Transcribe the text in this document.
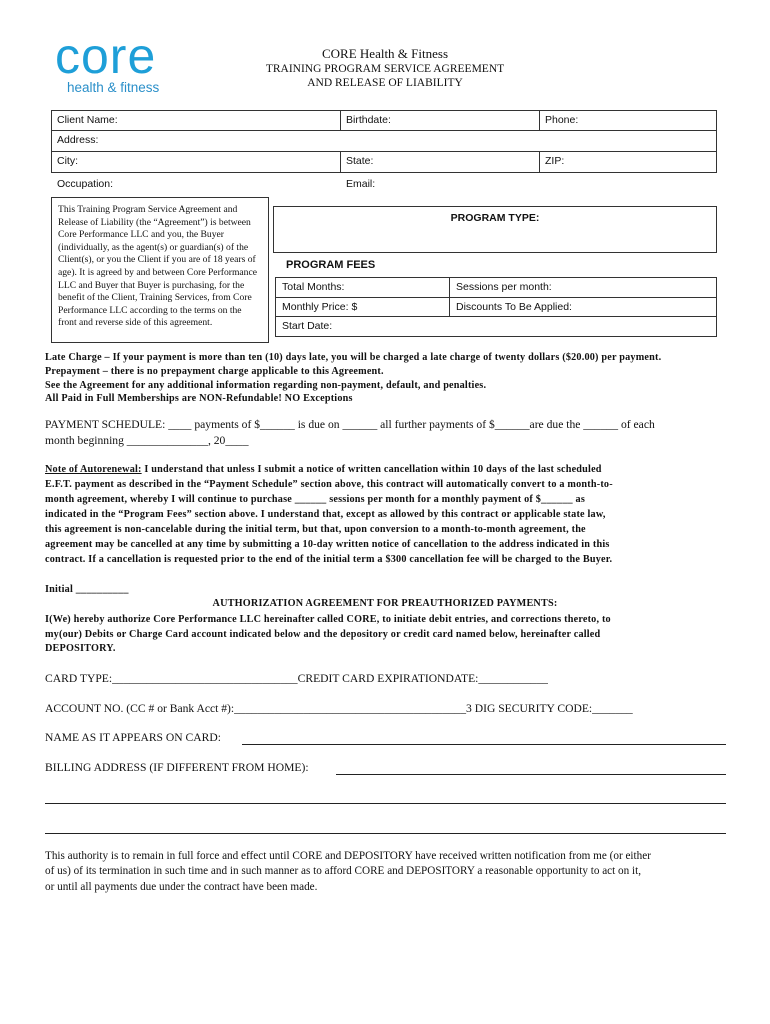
core
health & fitness
CORE Health & Fitness
TRAINING PROGRAM SERVICE AGREEMENT
AND RELEASE OF LIABILITY
Client Name:	Birthdate:	Phone:
Address:
City:	State:	ZIP:
Occupation:	Email:
This Training Program Service Agreement and Release of Liability (the “Agreement”) is between Core Performance LLC and you, the Buyer (individually, as the agent(s) or guardian(s) of the Client(s), or you the Client if you are of 18 years of age). It is agreed by and between Core Performance LLC and Buyer that Buyer is purchasing, for the benefit of the Client, Training Services, from Core Performance LLC according to the terms on the front and reverse side of this agreement.
PROGRAM TYPE:
PROGRAM FEES
Total Months:	Sessions per month:
Monthly Price: $	Discounts To Be Applied:
Start Date:
Late Charge – If your payment is more than ten (10) days late, you will be charged a late charge of twenty dollars ($20.00) per payment.
Prepayment – there is no prepayment charge applicable to this Agreement.
See the Agreement for any additional information regarding non-payment, default, and penalties.
All Paid in Full Memberships are NON-Refundable! NO Exceptions
PAYMENT SCHEDULE: ____ payments of $______ is due on ______ all further payments of $______are due the ______ of each
month beginning ______________, 20____
Note of Autorenewal: I understand that unless I submit a notice of written cancellation within 10 days of the last scheduled
E.F.T. payment as described in the “Payment Schedule” section above, this contract will automatically convert to a month-to-
month agreement, whereby I will continue to purchase ______ sessions per month for a monthly payment of $______ as
indicated in the “Program Fees” section above. I understand that, except as allowed by this contract or applicable state law,
this agreement is non-cancelable during the initial term, but that, upon conversion to a month-to-month agreement, the
agreement may be cancelled at any time by submitting a 10-day written notice of cancellation to the address indicated in this
contract. If a cancellation is requested prior to the end of the initial term a $300 cancellation fee will be charged to the Buyer.
Initial __________
AUTHORIZATION AGREEMENT FOR PREAUTHORIZED PAYMENTS:
I(We) hereby authorize Core Performance LLC hereinafter called CORE, to initiate debit entries, and corrections thereto, to
my(our) Debits or Charge Card account indicated below and the depository or credit card named below, hereinafter called
DEPOSITORY.
CARD TYPE:________________________________CREDIT CARD EXPIRATIONDATE:____________
ACCOUNT NO. (CC # or Bank Acct #):________________________________________3 DIG SECURITY CODE:_______
NAME AS IT APPEARS ON CARD:
BILLING ADDRESS (IF DIFFERENT FROM HOME):
This authority is to remain in full force and effect until CORE and DEPOSITORY have received written notification from me (or either
of us) of its termination in such time and in such manner as to afford CORE and DEPOSITORY a reasonable opportunity to act on it,
or until all payments due under the contract have been made.
